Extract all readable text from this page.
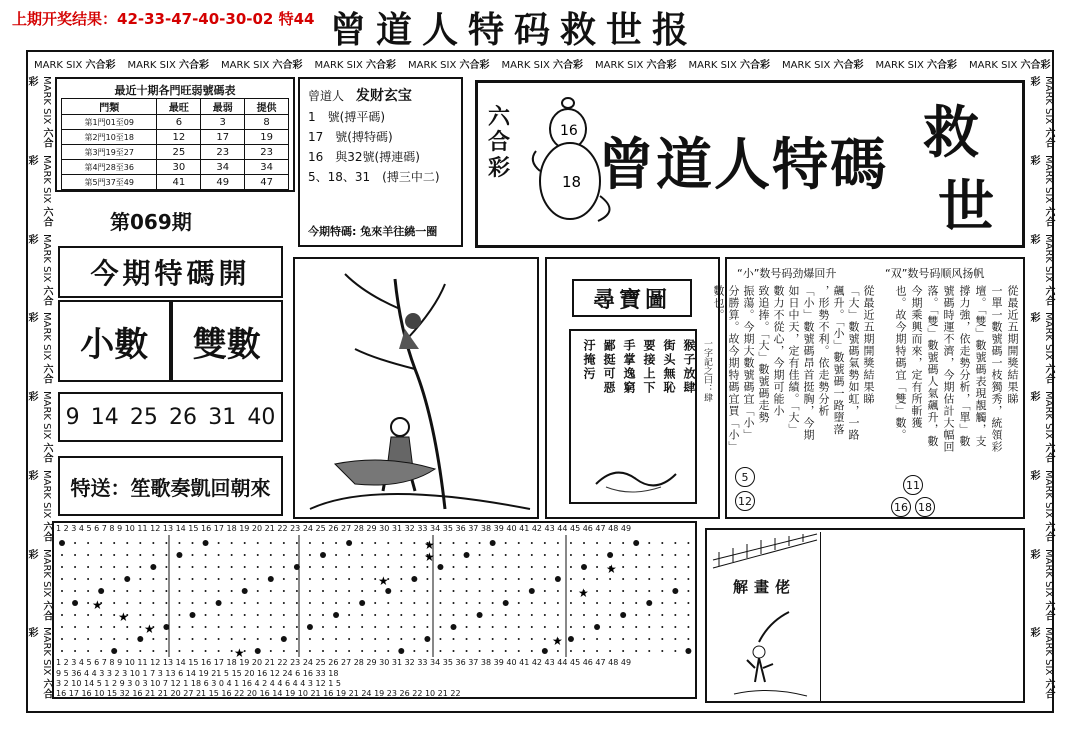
上期开奖结果：42-33-47-40-30-02 特44 曾道人特码救世报
MARK SIX 六合彩 MARK SIX 六合彩 MARK SIX 六合彩 MARK SIX 六合彩 MARK SIX 六合彩 MARK SIX 六合彩 MARK SIX 六合彩 MARK SIX 六合彩 MARK SIX 六合彩 MARK SIX 六合彩 MARK SIX 六合彩
MARK SIX 六合彩
MARK SIX 六合彩
MARK SIX 六合彩
MARK SIX 六合彩
MARK SIX 六合彩
MARK SIX 六合彩
MARK SIX 六合彩
MARK SIX 六合彩
MARK SIX 六合彩
MARK SIX 六合彩
MARK SIX 六合彩
MARK SIX 六合彩
MARK SIX 六合彩
MARK SIX 六合彩
MARK SIX 六合彩
MARK SIX 六合彩
最近十期各門旺弱號碼表
門類	最旺	最弱	提供
第1門01至09	6	3	8
第2門10至18	12	17	19
第3門19至27	25	23	23
第4門28至36	30	34	34
第5門37至49	41	49	47
第069期
曾道人 发财玄宝
1　號(搏平碼)
17　號(搏特碼)
16　與32號(搏連碼)
5、18、31　(搏三中二)
今期特碼: 兔來羊往繞一圈
六合彩
16
18 曾道人特碼 救
世
今期特碼開
小數	雙數
9 14 25 26 31 40
特送：笙歌奏凱回朝來
尋寶圖
一字記之曰：肆
猴子放肆
街头無恥
要接上下
手掌逸窮
鄙挺可惡
汙掩污
“小”数号码劲爆回升	“双”数号码顺风扬帆
從最近五期開獎結果睇
「大」數號碼氣勢如虹，一路
飆升。「小」數號碼一路墮落
，形勢不利。依走勢分析
「小」數號碼昂首挺胸，今期
如日中天，定有佳績。「大」
數力不從心，今期可能小
致追捧。「大」數號碼走勢
振蕩。今期大數號碼宜「小」
分勝算。故今期特碼宜買「小」
數也。	從最近五期開獎結果睇
一單一數號碼一枝獨秀，統領彩
壇。「雙」數號碼表現靚觸，支
撐力強，依走勢分析，「單」數
號碼時運不濟，今期估計大幅回
落。「雙」數號碼人氣飆升，數
今期乘興而來，定有所斬獲
也。故今期特碼宜「雙」數。
5
12
11
16 18
1 2 3 4 5 6 7 8 9 10 11 12 13 14 15 16 17 18 19 20 21 22 23 24 25 26 27 28 29 30 31 32 33 34 35 36 37 38 39 40 41 42 43 44 45 46 47 48 49
★
★
★
★
★
★
★
★
★
★
1 2 3 4 5 6 7 8 9 10 11 12 13 14 15 16 17 18 19 20 21 22 23 24 25 26 27 28 29 30 31 32 33 34 35 36 37 38 39 40 41 42 43 44 45 46 47 48 49
9 5 36 4 4 3 3 2 3 10 1 7 3 13 6 14 19 21 5 15 20 16 12 24 6 16 33 18
3 2 10 14 5 1 2 9 3 0 3 10 7 12 1 18 6 3 0 4 1 16 4 2 4 4 6 4 4 3 12 1 5
16 17 16 10 15 32 16 21 21 20 27 21 15 16 22 20 16 14 19 10 21 16 19 21 24 19 23 26 22 10 21 22
解畫佬
